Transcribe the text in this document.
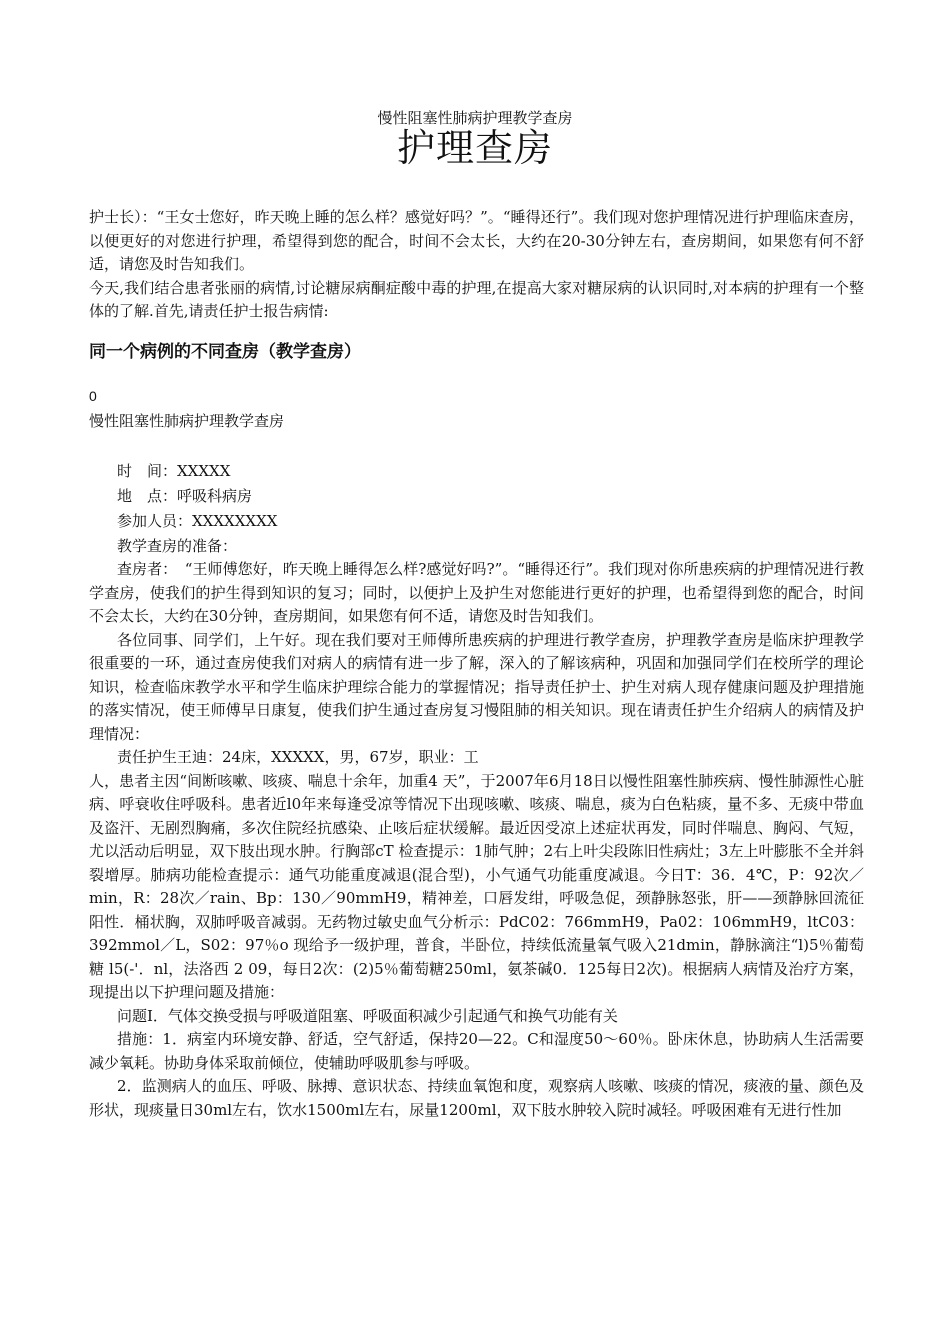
慢性阻塞性肺病护理教学查房
护理查房

护士长）：“王女士您好，昨天晚上睡的怎么样？感觉好吗？”。“睡得还行”。我们现对您护理情况进行护理临床查房，以便更好的对您进行护理，希望得到您的配合，时间不会太长，大约在20-30分钟左右，查房期间，如果您有何不舒适，请您及时告知我们。

今天,我们结合患者张丽的病情,讨论糖尿病酮症酸中毒的护理,在提高大家对糖尿病的认识同时,对本病的护理有一个整体的了解.首先,请责任护士报告病情:

同一个病例的不同查房（教学查房）
0
慢性阻塞性肺病护理教学查房
时　间：XXXXX
地　点：呼吸科病房
参加人员：XXXXXXXX
教学查房的准备：

查房者：　“王师傅您好，昨天晚上睡得怎么样?感觉好吗?”。“睡得还行”。我们现对你所患疾病的护理情况进行教学查房，使我们的护生得到知识的复习；同时，以便护上及护生对您能进行更好的护理，也希望得到您的配合，时间不会太长，大约在30分钟，查房期间，如果您有何不适，请您及时告知我们。

各位同事、同学们，上午好。现在我们要对王师傅所患疾病的护理进行教学查房，护理教学查房是临床护理教学很重要的一环，通过查房使我们对病人的病情有进一步了解，深入的了解该病种，巩固和加强同学们在校所学的理论知识，检查临床教学水平和学生临床护理综合能力的掌握情况；指导责任护士、护生对病人现存健康问题及护理措施的落实情况，使王师傅早日康复，使我们护生通过查房复习慢阻肺的相关知识。现在请责任护生介绍病人的病情及护理情况：

责任护生王迪：24床，XXXXX，男，67岁，职业：工

人，患者主因“间断咳嗽、咳痰、喘息十余年，加重4 天”，于2007年6月18日以慢性阻塞性肺疾病、慢性肺源性心脏病、呼衰收住呼吸科。患者近l0年来每逢受凉等情况下出现咳嗽、咳痰、喘息，痰为白色粘痰，量不多、无痰中带血及盗汗、无剧烈胸痛，多次住院经抗感染、止咳后症状缓解。最近因受凉上述症状再发，同时伴喘息、胸闷、气短，尤以活动后明显，双下肢出现水肿。行胸部cT 检查提示：1肺气肿；2右上叶尖段陈旧性病灶；3左上叶膨胀不全并斜裂增厚。肺病功能检查提示：通气功能重度减退(混合型)，小气通气功能重度减退。今日T：36．4℃，P：92次／min，R：28次／rain、Bp：130／90mmH9，精神差，口唇发绀，呼吸急促，颈静脉怒张，肝——颈静脉回流征阳性．桶状胸，双肺呼吸音减弱。无药物过敏史血气分析示：PdC02：766mmH9，Pa02：106mmH9，ltC03：392mmol／L，S02：97％o 现给予一级护理，普食，半卧位，持续低流量氧气吸入21dmin，静脉滴注“l)5％葡萄糖 l5(-'．nl，法洛西 2 09，每日2次：(2)5％葡萄糖250ml，氨茶碱0．125每日2次)。根据病人病情及治疗方案，现提出以下护理问题及措施：

问题I．气体交换受损与呼吸道阻塞、呼吸面积减少引起通气和换气功能有关

措施：1．病室内环境安静、舒适，空气舒适，保持20—22。C和湿度50～60％。卧床休息，协助病人生活需要减少氧耗。协助身体采取前倾位，使辅助呼吸肌参与呼吸。

2．监测病人的血压、呼吸、脉搏、意识状态、持续血氧饱和度，观察病人咳嗽、咳痰的情况，痰液的量、颜色及形状，现痰量日30ml左右，饮水1500ml左右，尿量1200ml，双下肢水肿较入院时减轻。呼吸困难有无进行性加
